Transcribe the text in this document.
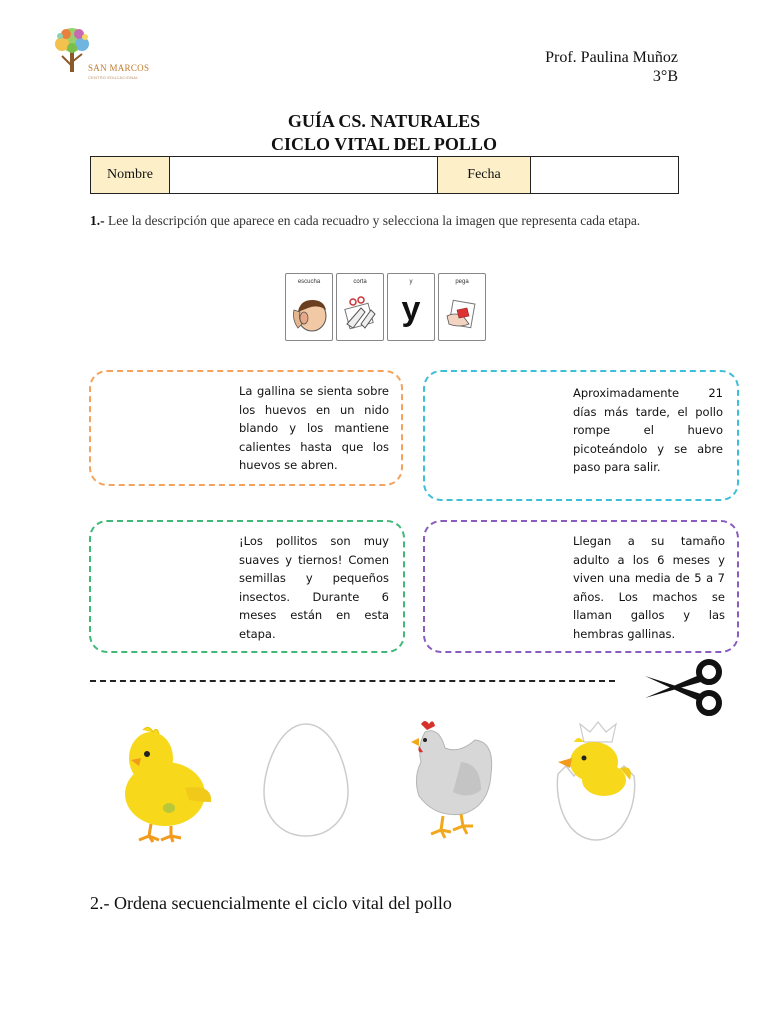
SAN MARCOS
CENTRO EDUCACIONAL
Prof. Paulina Muñoz
3°B
GUÍA CS. NATURALES
CICLO VITAL DEL POLLO
Nombre		Fecha	
1.- Lee la descripción que aparece en cada recuadro y selecciona la imagen que representa cada etapa.
escucha	corta	y
y
pega
La gallina se sienta sobre los huevos en un nido blando y los mantiene calientes hasta que los huevos se abren.
Aproximadamente 21 días más tarde, el pollo rompe el huevo picoteándolo y se abre paso para salir.
¡Los pollitos son muy suaves y tiernos! Comen semillas y pequeños insectos. Durante 6 meses están en esta etapa.
Llegan a su tamaño adulto a los 6 meses y viven una media de 5 a 7 años. Los machos se llaman gallos y las hembras gallinas.
2.- Ordena secuencialmente el ciclo vital del pollo
